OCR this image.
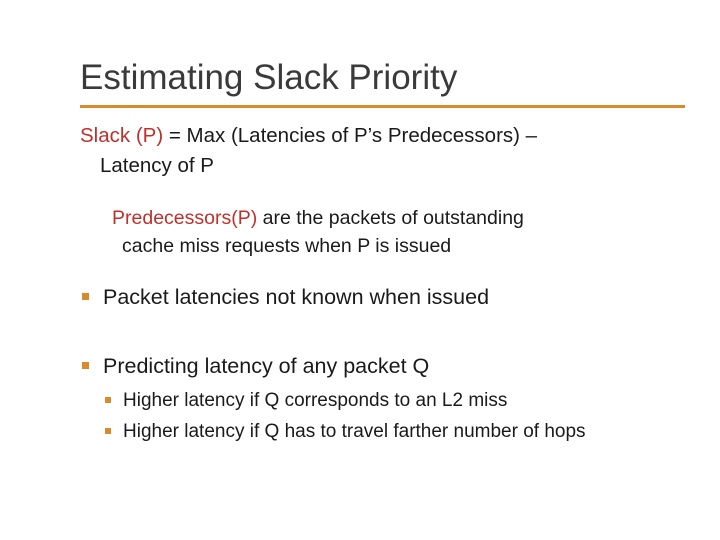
Estimating Slack Priority
Slack (P) = Max (Latencies of P’s Predecessors) –
Latency of P
Predecessors(P) are the packets of outstanding
cache miss requests when P is issued
Packet latencies not known when issued
Predicting latency of any packet Q
Higher latency if Q corresponds to an L2 miss
Higher latency if Q has to travel farther number of hops
